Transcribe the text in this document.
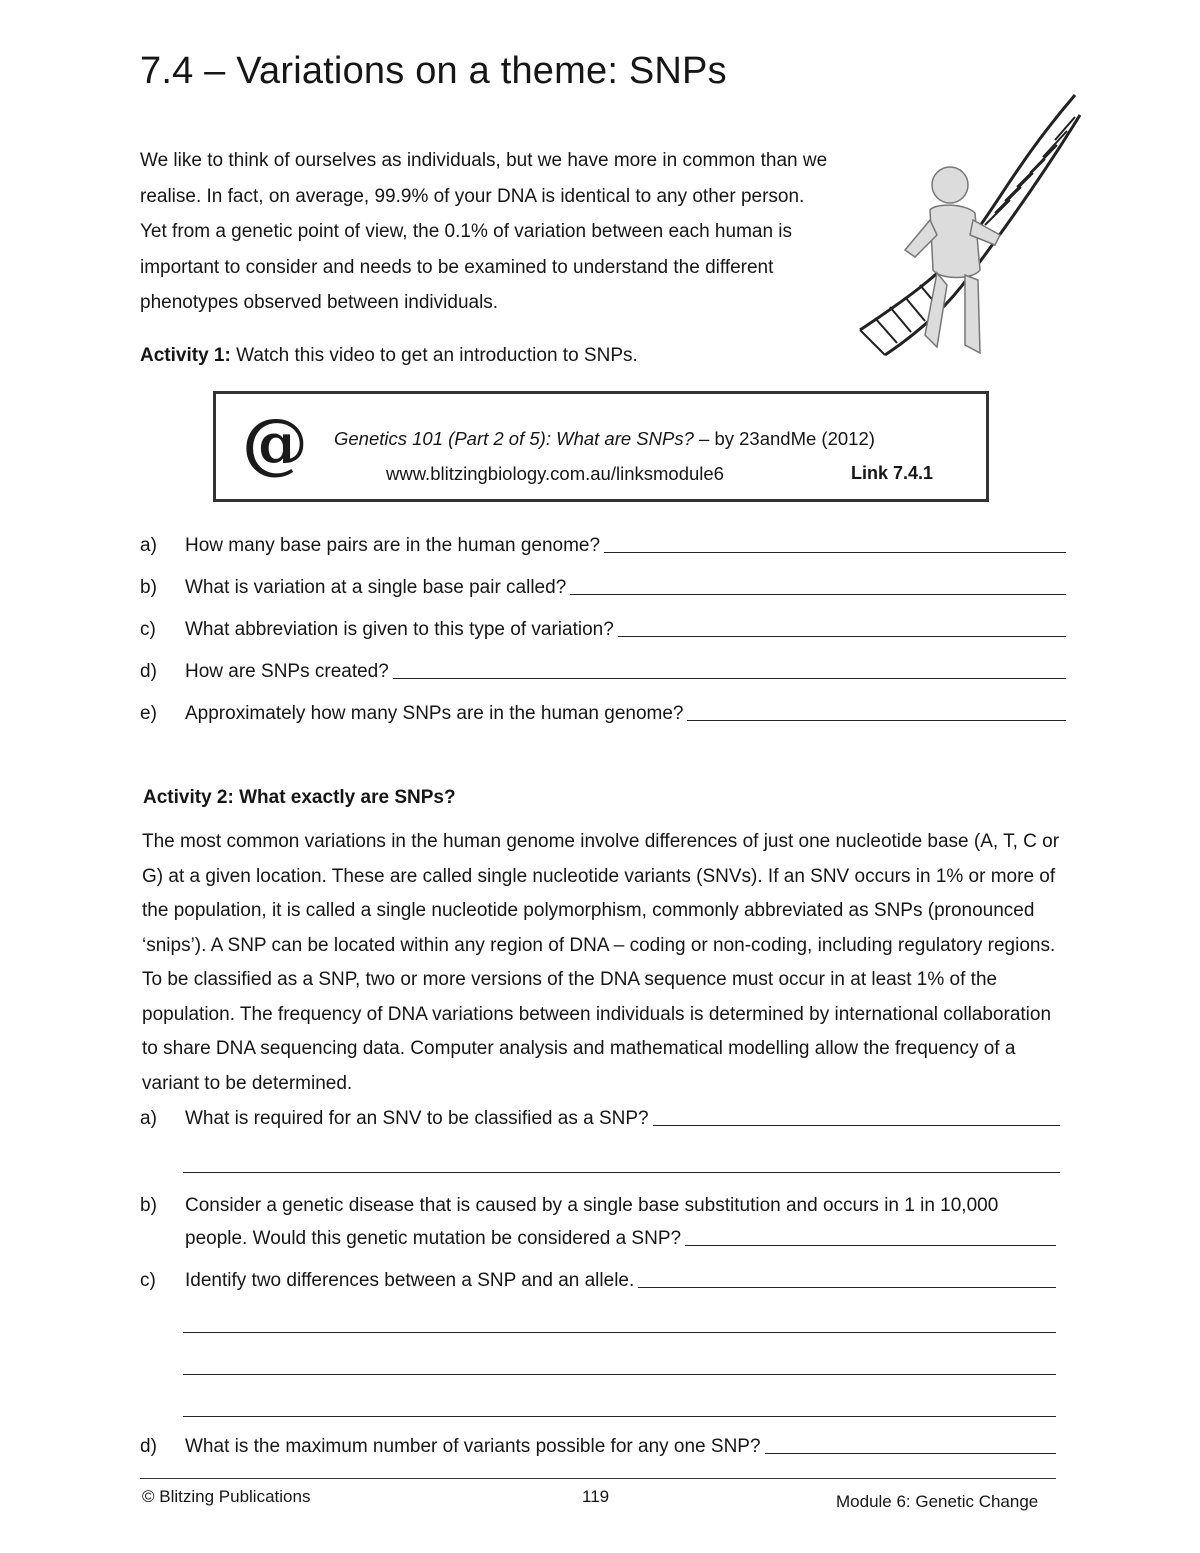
7.4 – Variations on a theme: SNPs

We like to think of ourselves as individuals, but we have more in common than we realise. In fact, on average, 99.9% of your DNA is identical to any other person. Yet from a genetic point of view, the 0.1% of variation between each human is important to consider and needs to be examined to understand the different phenotypes observed between individuals.

Activity 1: Watch this video to get an introduction to SNPs.

@ Genetics 101 (Part 2 of 5): What are SNPs? – by 23andMe (2012)
www.blitzingbiology.com.au/linksmodule6	Link 7.4.1
a)	How many base pairs are in the human genome?
b)	What is variation at a single base pair called?
c)	What abbreviation is given to this type of variation?
d)	How are SNPs created?
e)	Approximately how many SNPs are in the human genome?
Activity 2: What exactly are SNPs?

The most common variations in the human genome involve differences of just one nucleotide base (A, T, C or G) at a given location. These are called single nucleotide variants (SNVs). If an SNV occurs in 1% or more of the population, it is called a single nucleotide polymorphism, commonly abbreviated as SNPs (pronounced ‘snips’). A SNP can be located within any region of DNA – coding or non-coding, including regulatory regions. To be classified as a SNP, two or more versions of the DNA sequence must occur in at least 1% of the population. The frequency of DNA variations between individuals is determined by international collaboration to share DNA sequencing data. Computer analysis and mathematical modelling allow the frequency of a variant to be determined.

a)	What is required for an SNV to be classified as a SNP?
b)	Consider a genetic disease that is caused by a single base substitution and occurs in 1 in 10,000
people. Would this genetic mutation be considered a SNP?
c)	Identify two differences between a SNP and an allele.
d)	What is the maximum number of variants possible for any one SNP?
© Blitzing Publications	119	Module 6: Genetic Change
